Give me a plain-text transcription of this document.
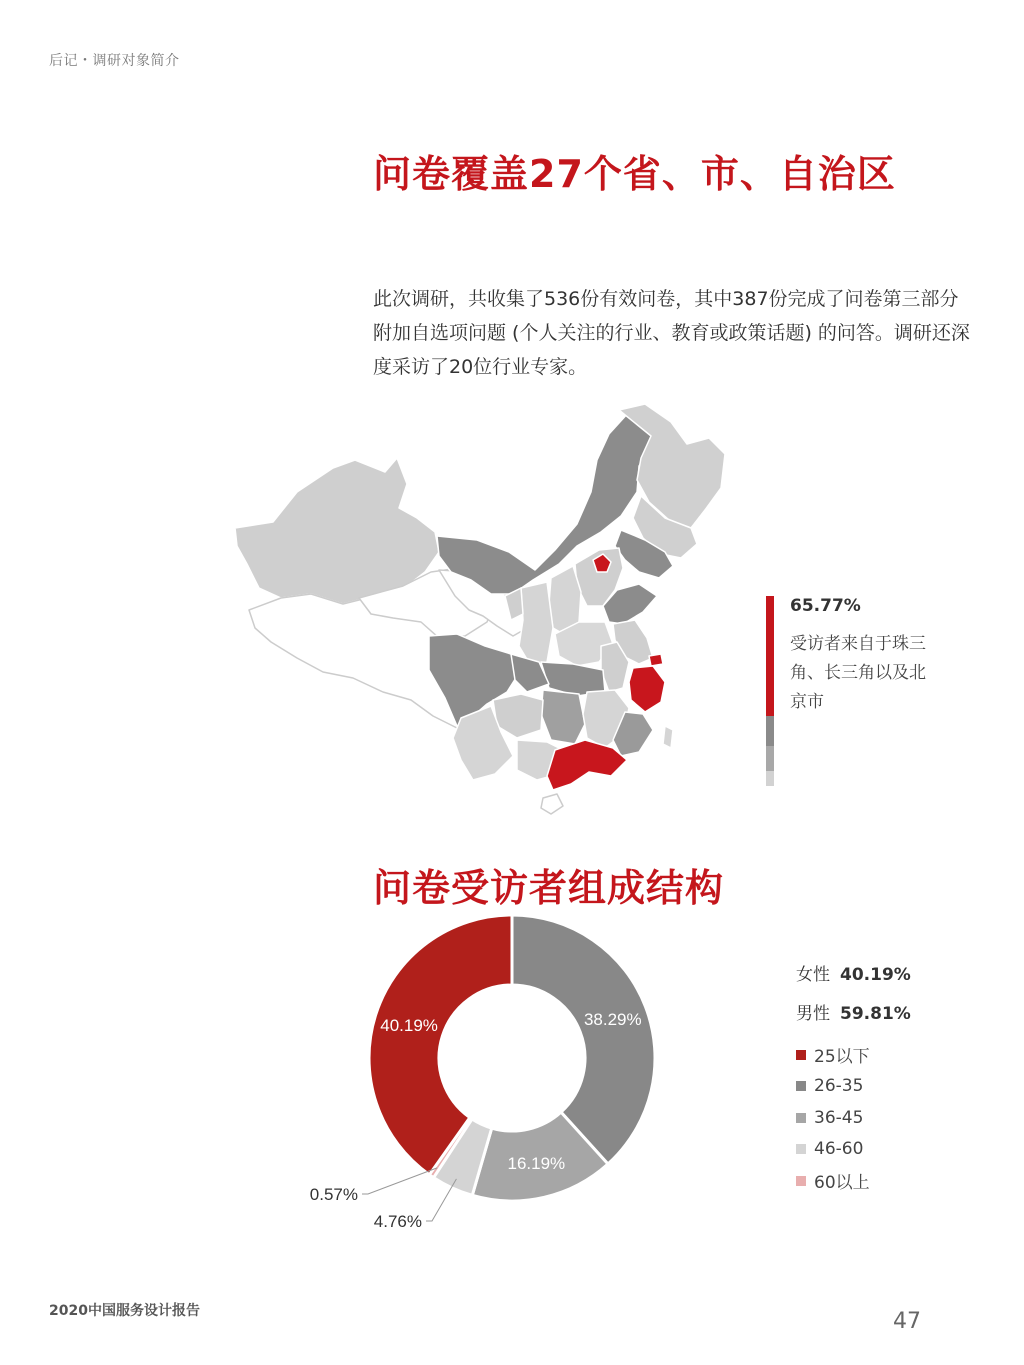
后记・调研对象简介
问卷覆盖27个省、市、自治区

此次调研，共收集了536份有效问卷，其中387份完成了问卷第三部分附加自选项问题 (个人关注的行业、教育或政策话题) 的问答。调研还深度采访了20位行业专家。

65.77%

受访者来自于珠三角、长三角以及北京市

问卷受访者组成结构
38.29%
16.19%
4.76%
0.57%
40.19%
女性 40.19%
男性 59.81%
25以下
26-35
36-45
46-60
60以上
2020中国服务设计报告	47
